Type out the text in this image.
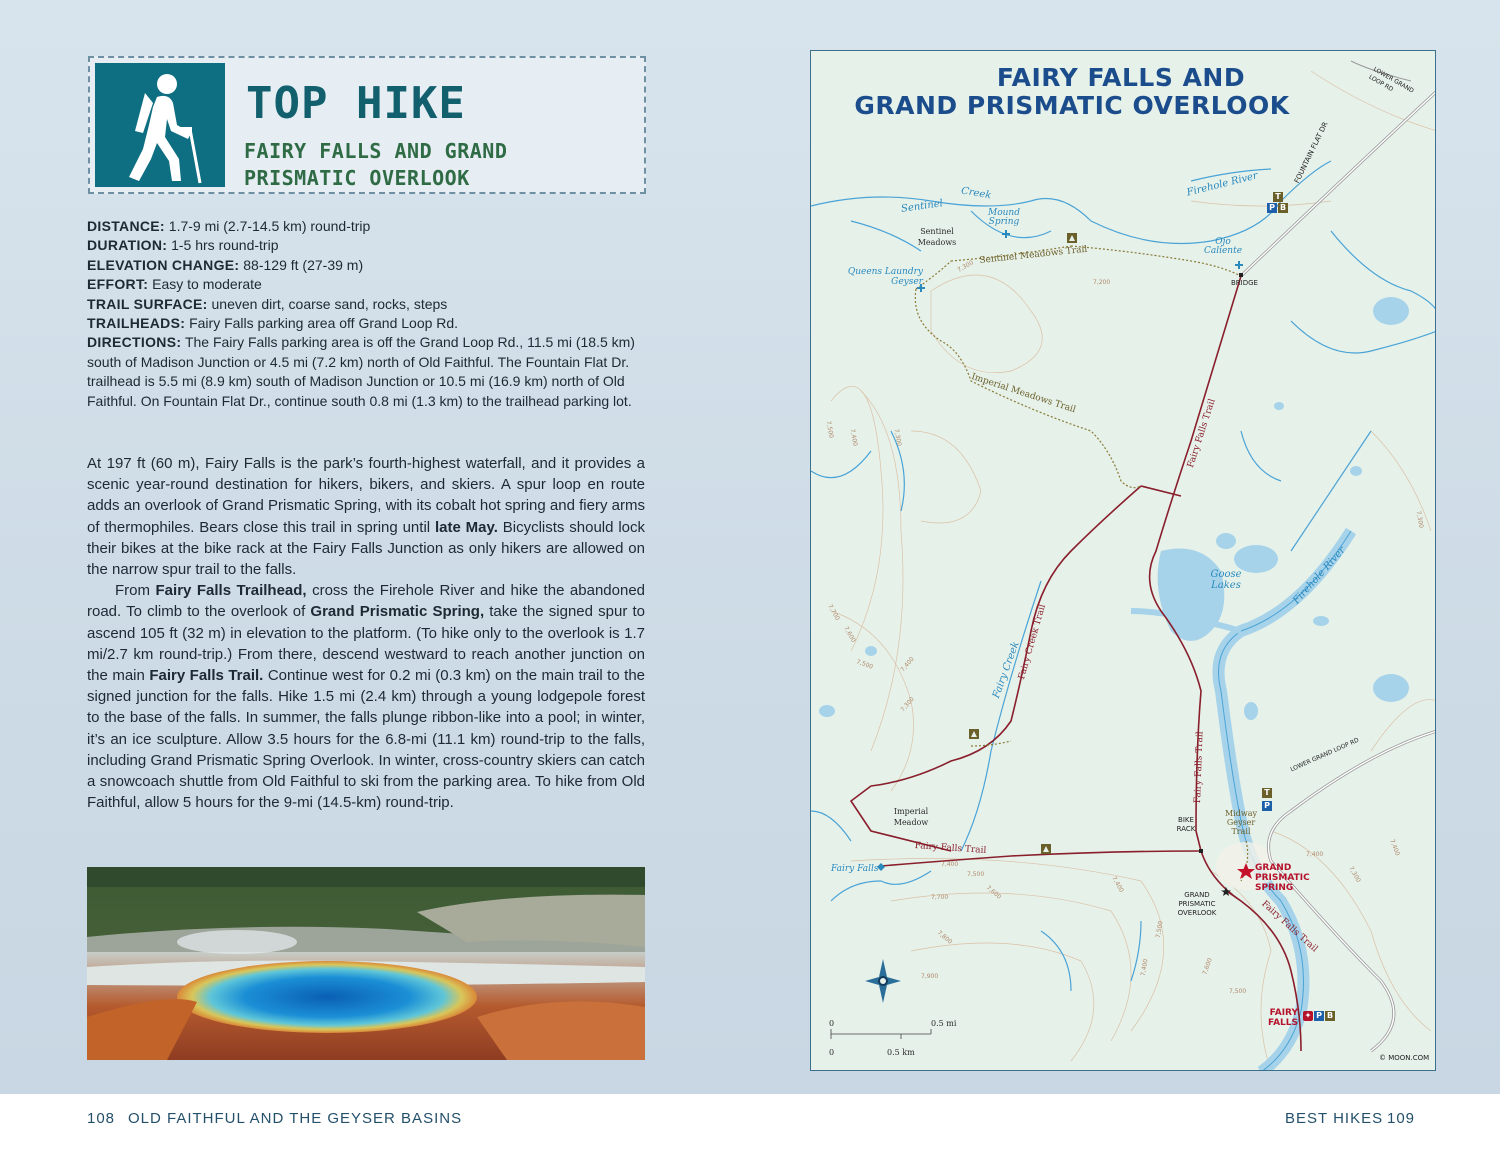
TOP HIKE
FAIRY FALLS AND GRAND PRISMATIC OVERLOOK
DISTANCE: 1.7-9 mi (2.7-14.5 km) round-trip
DURATION: 1-5 hrs round-trip
ELEVATION CHANGE: 88-129 ft (27-39 m)
EFFORT: Easy to moderate
TRAIL SURFACE: uneven dirt, coarse sand, rocks, steps
TRAILHEADS: Fairy Falls parking area off Grand Loop Rd.
DIRECTIONS: The Fairy Falls parking area is off the Grand Loop Rd., 11.5 mi (18.5 km) south of Madison Junction or 4.5 mi (7.2 km) north of Old Faithful. The Fountain Flat Dr. trailhead is 5.5 mi (8.9 km) south of Madison Junction or 10.5 mi (16.9 km) north of Old Faithful. On Fountain Flat Dr., continue south 0.8 mi (1.3 km) to the trailhead parking lot.

At 197 ft (60 m), Fairy Falls is the park’s fourth-highest waterfall, and it provides a scenic year-round destination for hikers, bikers, and skiers. A spur loop en route adds an overlook of Grand Prismatic Spring, with its cobalt hot spring and fiery arms of thermophiles. Bears close this trail in spring until late May. Bicyclists should lock their bikes at the bike rack at the Fairy Falls Junction as only hikers are allowed on the narrow spur trail to the falls.

From Fairy Falls Trailhead, cross the Firehole River and hike the abandoned road. To climb to the overlook of Grand Prismatic Spring, take the signed spur to ascend 105 ft (32 m) in elevation to the platform. (To hike only to the overlook is 1.7 mi/2.7 km round-trip.) From there, descend westward to reach another junction on the main Fairy Falls Trail. Continue west for 0.2 mi (0.3 km) on the main trail to the signed junction for the falls. Hike 1.5 mi (2.4 km) through a young lodgepole forest to the base of the falls. In summer, the falls plunge ribbon-like into a pool; in winter, it’s an ice sculpture. Allow 3.5 hours for the 6.8-mi (11.1 km) round-trip to the falls, including Grand Prismatic Spring Overlook. In winter, cross-country skiers can catch a snowcoach shuttle from Old Faithful to ski from the parking area. To hike from Old Faithful, allow 5 hours for the 9-mi (14.5-km) round-trip.

FAIRY FALLS AND
GRAND PRISMATIC OVERLOOK
Sentinel
Creek
Mound Spring
Sentinel Meadows
Firehole River	FOUNTAIN FLAT DR
LOWER GRAND LOOP RD
Ojo Caliente
BRIDGE
Queens Laundry Geyser
Sentinel Meadows Trail
Imperial Meadows Trail
Fairy Falls Trail
Goose Lakes	Firehole River
Fairy Creek
Fairy Creek Trail
Fairy Falls Trail	LOWER GRAND LOOP RD
Imperial Meadow	BIKE RACK
Midway Geyser Trail
Fairy Falls Trail
Fairy Falls	GRAND PRISMATIC SPRING
GRAND PRISMATIC OVERLOOK	Fairy Falls Trail
FAIRY FALLS
7,300
7,200
7,500 7,400	7,300
7,300
7,700
7,600
7,500	7,400
7,300
7,400
7,500
7,600
7,700
7,800
7,900
7,400
7,500
7,600
7,400
7,500
7,400
7,300
7,400
T
P B
T
P
✦ P B
0	0.5 mi
0	0.5 km
© MOON.COM
108 OLD FAITHFUL AND THE GEYSER BASINS	BEST HIKES 109
